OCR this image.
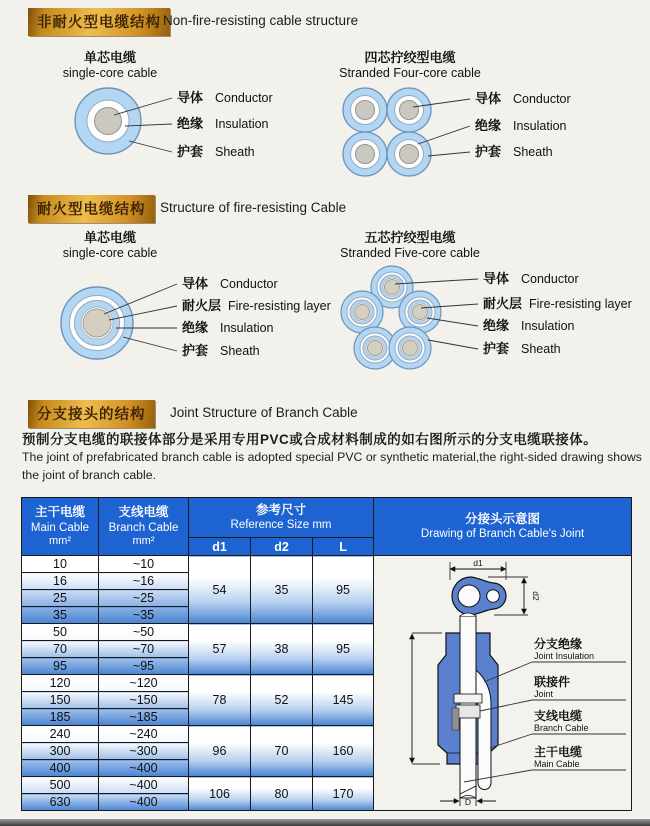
非耐火型电缆结构 Non-fire-resisting cable structure
单芯电缆
single-core cable
四芯拧绞型电缆
Stranded Four-core cable
导体 Conductor
绝缘 Insulation
护套 Sheath
导体 Conductor
绝缘 Insulation
护套 Sheath
耐火型电缆结构	Structure of fire-resisting Cable
单芯电缆
single-core cable
五芯拧绞型电缆
Stranded Five-core cable
导体 Conductor
耐火层 Fire-resisting layer
绝缘 Insulation
护套 Sheath
导体 Conductor
耐火层 Fire-resisting layer
绝缘 Insulation
护套 Sheath
分支接头的结构	Joint Structure of Branch Cable
预制分支电缆的联接体部分是采用专用PVC或合成材料制成的如右图所示的分支电缆联接体。
The joint of prefabricated branch cable is adopted special PVC or synthetic material,the right-sided drawing shows the joint of branch cable.
主干电缆
Main Cable
mm²

支线电缆
Branch Cable
mm²

参考尺寸
Reference Size mm	分接头示意图
Drawing of Branch Cable's Joint

		d1	d2	L	
10	~10	54	35	95	
d1
d2
D
分支绝缘
Joint Insulation
联接件
Joint
支线电缆
Branch Cable
主干电缆
Main Cable

16	~16				
25	~25				
35	~35				
50	~50	57	38	95	
70	~70				
95	~95				
120	~120	78	52	145	
150	~150				
185	~185				
240	~240	96	70	160	
300	~300				
400	~400				
500	~400	106	80	170	
630	~400				
